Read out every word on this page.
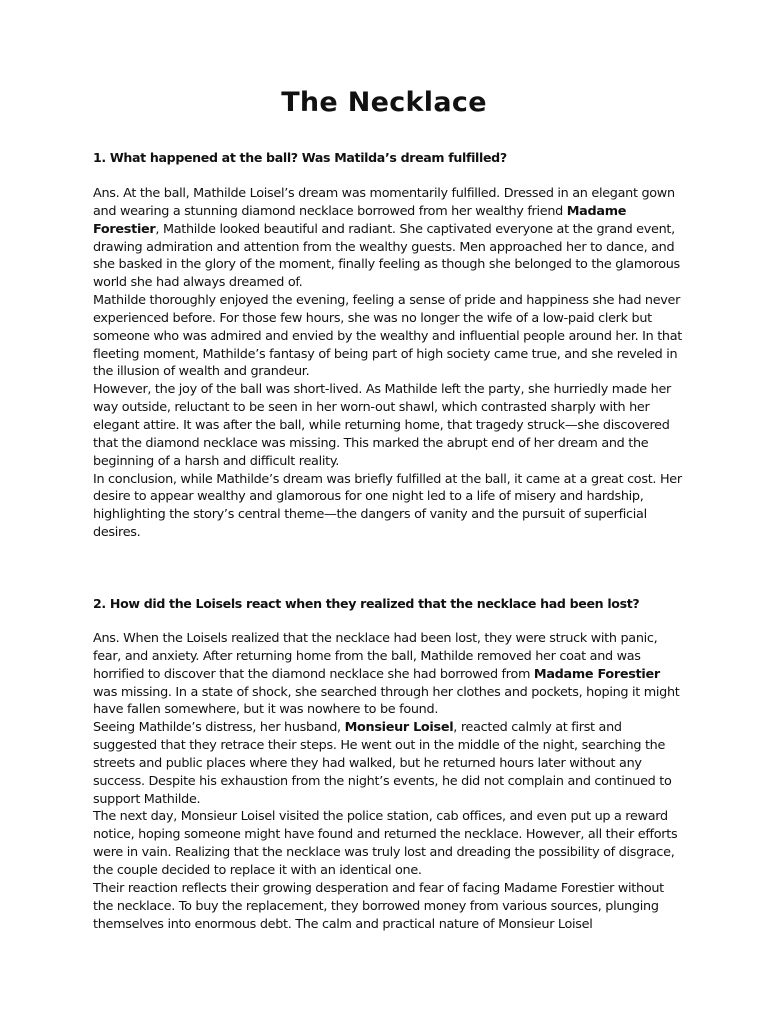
The Necklace
1. What happened at the ball? Was Matilda’s dream fulfilled?

Ans. At the ball, Mathilde Loisel’s dream was momentarily fulfilled. Dressed in an elegant gown and wearing a stunning diamond necklace borrowed from her wealthy friend Madame Forestier, Mathilde looked beautiful and radiant. She captivated everyone at the grand event, drawing admiration and attention from the wealthy guests. Men approached her to dance, and she basked in the glory of the moment, finally feeling as though she belonged to the glamorous world she had always dreamed of.

Mathilde thoroughly enjoyed the evening, feeling a sense of pride and happiness she had never experienced before. For those few hours, she was no longer the wife of a low-paid clerk but someone who was admired and envied by the wealthy and influential people around her. In that fleeting moment, Mathilde’s fantasy of being part of high society came true, and she reveled in the illusion of wealth and grandeur.

However, the joy of the ball was short-lived. As Mathilde left the party, she hurriedly made her way outside, reluctant to be seen in her worn-out shawl, which contrasted sharply with her elegant attire. It was after the ball, while returning home, that tragedy struck—she discovered that the diamond necklace was missing. This marked the abrupt end of her dream and the beginning of a harsh and difficult reality.

In conclusion, while Mathilde’s dream was briefly fulfilled at the ball, it came at a great cost. Her desire to appear wealthy and glamorous for one night led to a life of misery and hardship, highlighting the story’s central theme—the dangers of vanity and the pursuit of superficial desires.

2. How did the Loisels react when they realized that the necklace had been lost?

Ans. When the Loisels realized that the necklace had been lost, they were struck with panic, fear, and anxiety. After returning home from the ball, Mathilde removed her coat and was horrified to discover that the diamond necklace she had borrowed from Madame Forestier was missing. In a state of shock, she searched through her clothes and pockets, hoping it might have fallen somewhere, but it was nowhere to be found.

Seeing Mathilde’s distress, her husband, Monsieur Loisel, reacted calmly at first and suggested that they retrace their steps. He went out in the middle of the night, searching the streets and public places where they had walked, but he returned hours later without any success. Despite his exhaustion from the night’s events, he did not complain and continued to support Mathilde.

The next day, Monsieur Loisel visited the police station, cab offices, and even put up a reward notice, hoping someone might have found and returned the necklace. However, all their efforts were in vain. Realizing that the necklace was truly lost and dreading the possibility of disgrace, the couple decided to replace it with an identical one.

Their reaction reflects their growing desperation and fear of facing Madame Forestier without the necklace. To buy the replacement, they borrowed money from various sources, plunging themselves into enormous debt. The calm and practical nature of Monsieur Loisel
